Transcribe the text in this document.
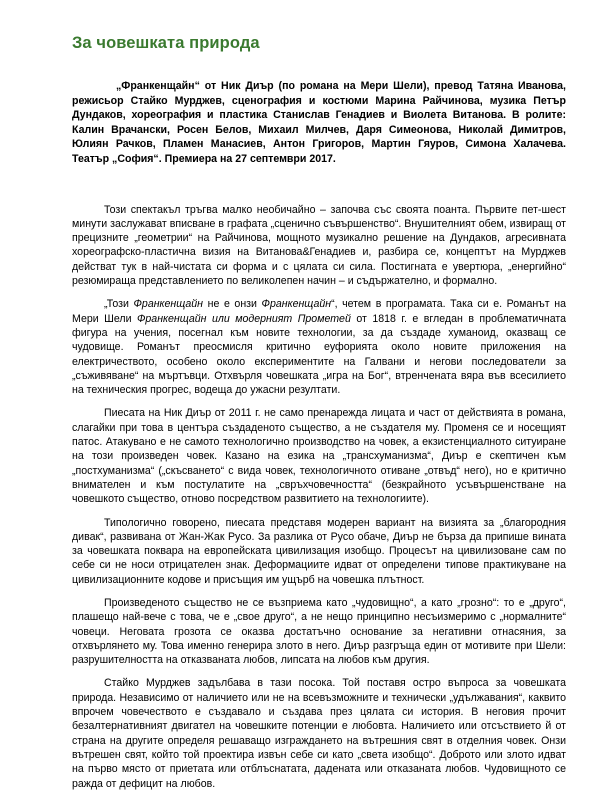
За човешката природа

„Франкенщайн“ от Ник Диър (по романа на Мери Шели), превод Татяна Иванова, режисьор Стайко Мурджев, сценография и костюми Марина Райчинова, музика Петър Дундаков, хореография и пластика Станислав Генадиев и Виолета Витанова. В ролите: Калин Врачански, Росен Белов, Михаил Милчев, Даря Симеонова, Николай Димитров, Юлиян Рачков, Пламен Манасиев, Антон Григоров, Мартин Гяуров, Симона Халачева. Театър „София“. Премиера на 27 септември 2017.

Този спектакъл тръгва малко необичайно – започва със своята поанта. Първите пет-шест минути заслужават вписване в графата „сценично съвършенство“. Внушителният обем, извиращ от прецизните „геометрии“ на Райчинова, мощното музикално решение на Дундаков, агресивната хореографско-пластична визия на Витанова&Генадиев и, разбира се, концептът на Мурджев действат тук в най-чистата си форма и с цялата си сила. Постигната е увертюра, „енергийно“ резюмираща представлението по великолепен начин – и съдържателно, и формално.

„Този Франкенщайн не е онзи Франкенщайн“, четем в програмата. Така си е. Романът на Мери Шели Франкенщайн или модерният Прометей от 1818 г. е вгледан в проблематичната фигура на учения, посегнал към новите технологии, за да създаде хуманоид, оказващ се чудовище. Романът преосмисля критично еуфорията около новите приложения на електричеството, особено около експериментите на Галвани и негови последователи за „съживяване“ на мъртъвци. Отхвърля човешката „игра на Бог“, втренчената вяра във всесилието на техническия прогрес, водеща до ужасни резултати.

Пиесата на Ник Диър от 2011 г. не само пренарежда лицата и част от действията в романа, слагайки при това в центъра създаденото същество, а не създателя му. Променя се и носещият патос. Атакувано е не самото технологично производство на човек, а екзистенциалното ситуиране на този произведен човек. Казано на езика на „трансхуманизма“, Диър е скептичен към „постхуманизма“ („скъсването“ с вида човек, технологичното отиване „отвъд“ него), но е критично внимателен и към постулатите на „свръхчовечността“ (безкрайното усъвършенстване на човешкото същество, отново посредством развитието на технологиите).

Типологично говорено, пиесата представя модерен вариант на визията за „благородния дивак“, развивана от Жан-Жак Русо. За разлика от Русо обаче, Диър не бърза да припише вината за човешката покварa на европейската цивилизация изобщо. Процесът на цивилизоване сам по себе си не носи отрицателен знак. Деформациите идват от определени типове практикуване на цивилизационните кодове и присъщия им ущърб на човешка плътност.

Произведеното същество не се възприема като „чудовищно“, а като „грозно“: то е „друго“, плашещо най-вече с това, че е „свое друго“, а не нещо принципно несъизмеримо с „нормалните“ човеци. Неговата грозота се оказва достатъчно основание за негативни отнасяния, за отхвърлянето му. Това именно генерира злото в него. Диър разгръща един от мотивите при Шели: разрушителността на отказваната любов, липсата на любов към другия.

Стайко Мурджев задълбава в тази посока. Той поставя остро въпроса за човешката природа. Независимо от наличието или не на всевъзможните и технически „удължавания“, каквито впрочем човечеството е създавало и създава през цялата си история. В неговия прочит безалтернативният двигател на човешките потенции е любовта. Наличието или отсъствието й от страна на другите определя решаващо изграждането на вътрешния свят в отделния човек. Онзи вътрешен свят, който той проектира извън себе си като „света изобщо“. Доброто или злото идват на първо място от приетата или отблъснатата, дадената или отказаната любов. Чудовищното се ражда от дефицит на любов.
